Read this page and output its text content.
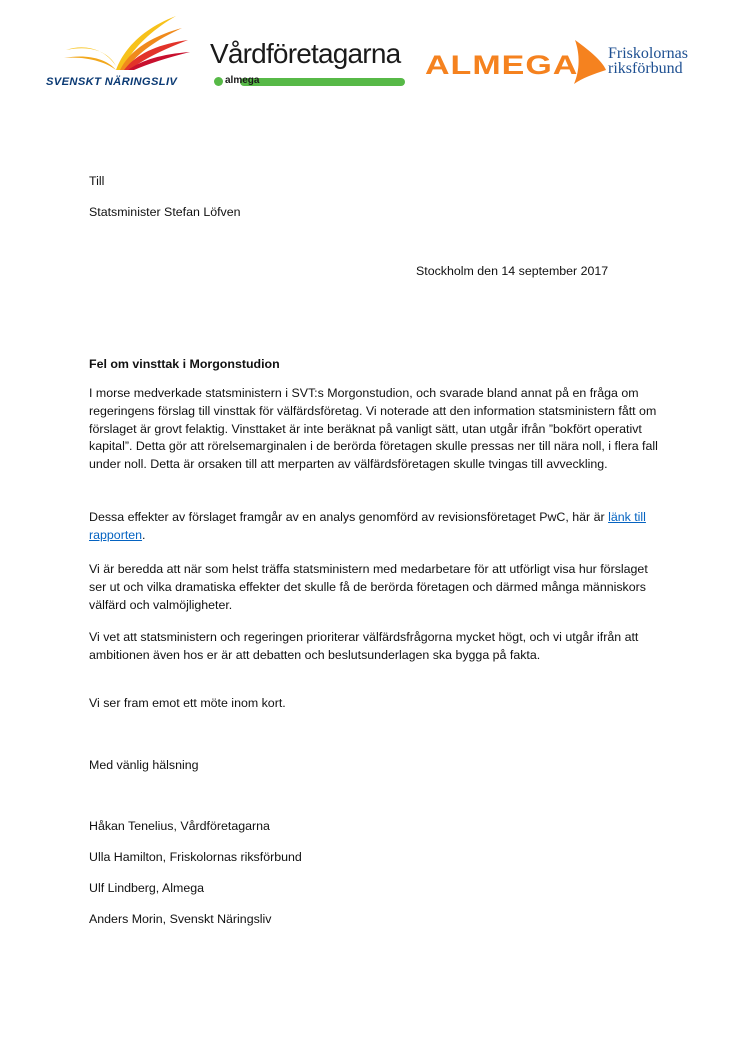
SVENSKT NÄRINGSLIV
Vårdföretagarna
almega
ALMEGA Friskolornas
riksförbund

Till

Statsminister Stefan Löfven

Stockholm den 14 september 2017

Fel om vinsttak i Morgonstudion

I morse medverkade statsministern i SVT:s Morgonstudion, och svarade bland annat på en fråga om regeringens förslag till vinsttak för välfärdsföretag. Vi noterade att den information statsministern fått om förslaget är grovt felaktig. Vinsttaket är inte beräknat på vanligt sätt, utan utgår ifrån ”bokfört operativt kapital”. Detta gör att rörelsemarginalen i de berörda företagen skulle pressas ner till nära noll, i flera fall under noll. Detta är orsaken till att merparten av välfärdsföretagen skulle tvingas till avveckling.

Dessa effekter av förslaget framgår av en analys genomförd av revisionsföretaget PwC, här är länk till rapporten.

Vi är beredda att när som helst träffa statsministern med medarbetare för att utförligt visa hur förslaget ser ut och vilka dramatiska effekter det skulle få de berörda företagen och därmed många människors välfärd och valmöjligheter.

Vi vet att statsministern och regeringen prioriterar välfärdsfrågorna mycket högt, och vi utgår ifrån att ambitionen även hos er är att debatten och beslutsunderlagen ska bygga på fakta.

Vi ser fram emot ett möte inom kort.

Med vänlig hälsning

Håkan Tenelius, Vårdföretagarna

Ulla Hamilton, Friskolornas riksförbund

Ulf Lindberg, Almega

Anders Morin, Svenskt Näringsliv
